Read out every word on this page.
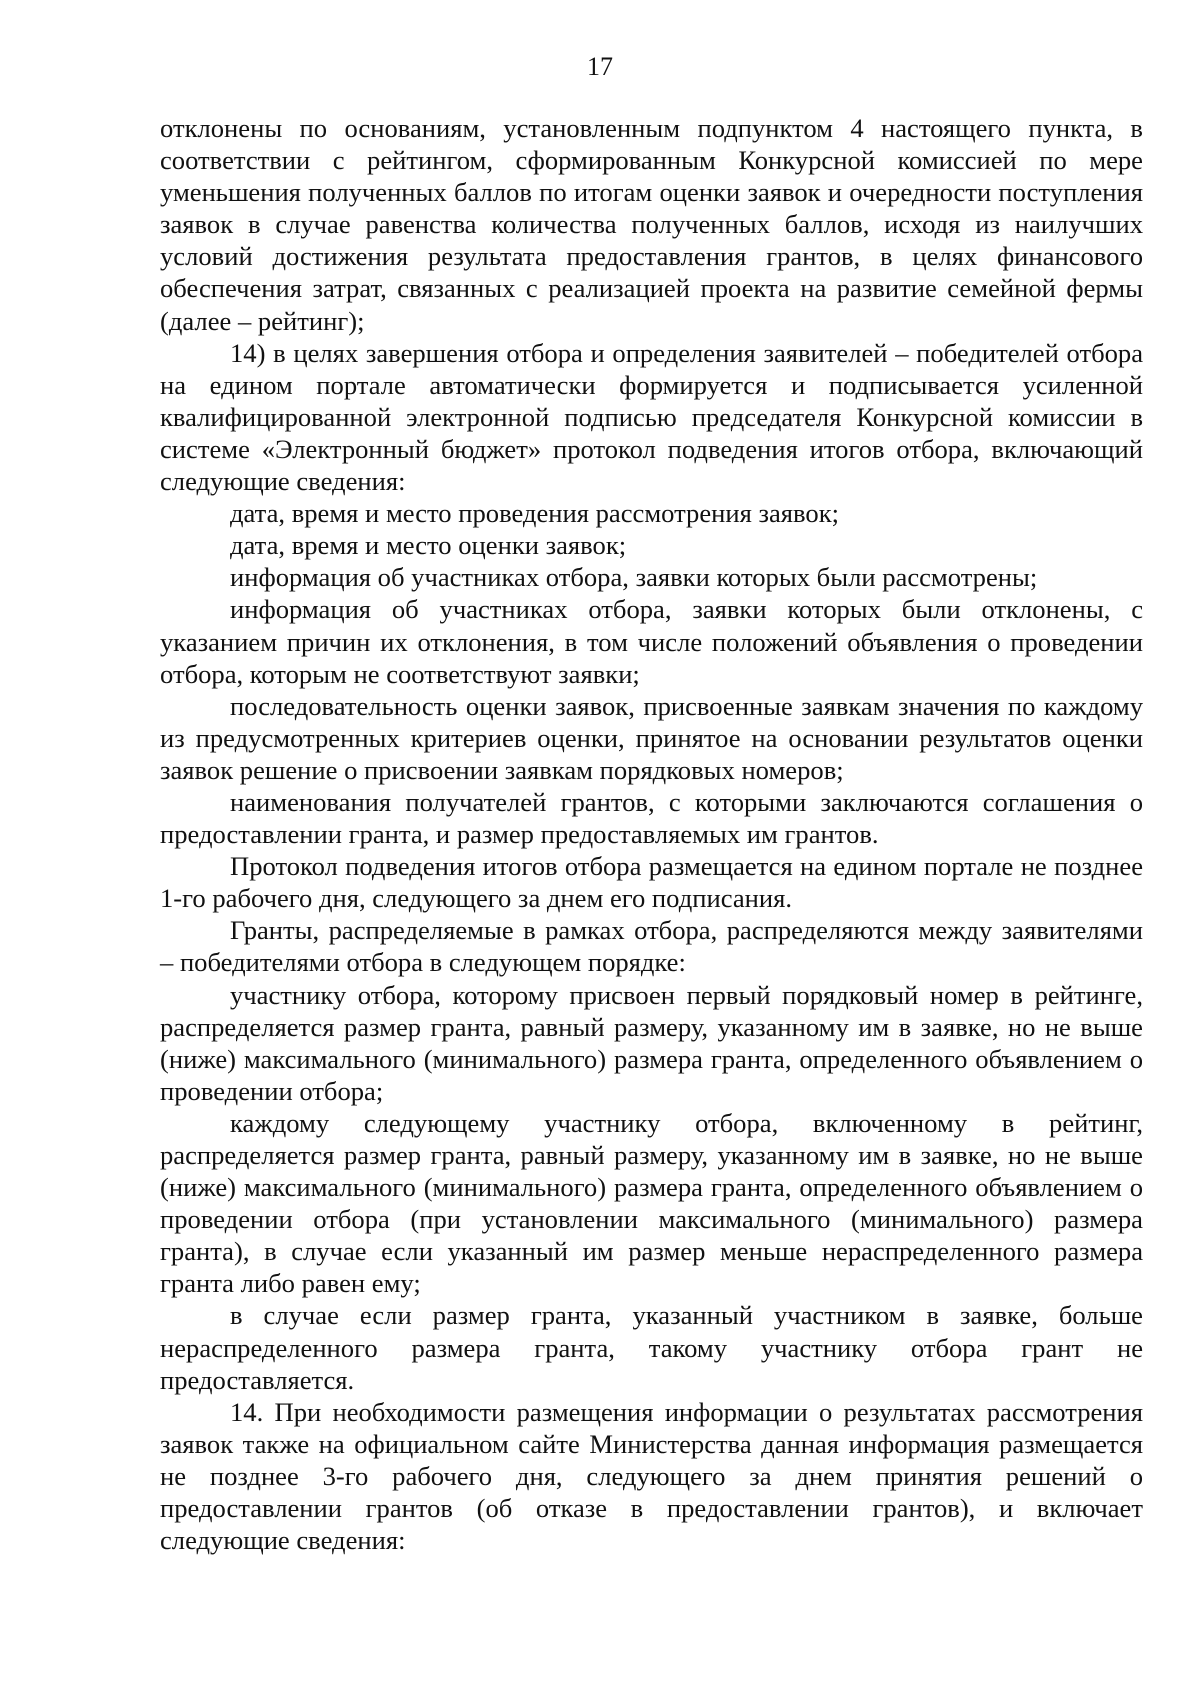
17

отклонены по основаниям, установленным подпунктом 4 настоящего пункта, в соответствии с рейтингом, сформированным Конкурсной комиссией по мере уменьшения полученных баллов по итогам оценки заявок и очередности поступления заявок в случае равенства количества полученных баллов, исходя из наилучших условий достижения результата предоставления грантов, в целях финансового обеспечения затрат, связанных с реализацией проекта на развитие семейной фермы (далее – рейтинг);

14) в целях завершения отбора и определения заявителей – победителей отбора на едином портале автоматически формируется и подписывается усиленной квалифицированной электронной подписью председателя Конкурсной комиссии в системе «Электронный бюджет» протокол подведения итогов отбора, включающий следующие сведения:

дата, время и место проведения рассмотрения заявок;

дата, время и место оценки заявок;

информация об участниках отбора, заявки которых были рассмотрены;

информация об участниках отбора, заявки которых были отклонены, с указанием причин их отклонения, в том числе положений объявления о проведении отбора, которым не соответствуют заявки;

последовательность оценки заявок, присвоенные заявкам значения по каждому из предусмотренных критериев оценки, принятое на основании результатов оценки заявок решение о присвоении заявкам порядковых номеров;

наименования получателей грантов, с которыми заключаются соглашения о предоставлении гранта, и размер предоставляемых им грантов.

Протокол подведения итогов отбора размещается на едином портале не позднее 1-го рабочего дня, следующего за днем его подписания.

Гранты, распределяемые в рамках отбора, распределяются между заявителями – победителями отбора в следующем порядке:

участнику отбора, которому присвоен первый порядковый номер в рейтинге, распределяется размер гранта, равный размеру, указанному им в заявке, но не выше (ниже) максимального (минимального) размера гранта, определенного объявлением о проведении отбора;

каждому следующему участнику отбора, включенному в рейтинг, распределяется размер гранта, равный размеру, указанному им в заявке, но не выше (ниже) максимального (минимального) размера гранта, определенного объявлением о проведении отбора (при установлении максимального (минимального) размера гранта), в случае если указанный им размер меньше нераспределенного размера гранта либо равен ему;

в случае если размер гранта, указанный участником в заявке, больше нераспределенного размера гранта, такому участнику отбора грант не предоставляется.

14. При необходимости размещения информации о результатах рассмотрения заявок также на официальном сайте Министерства данная информация размещается не позднее 3-го рабочего дня, следующего за днем принятия решений о предоставлении грантов (об отказе в предоставлении грантов), и включает следующие сведения:
